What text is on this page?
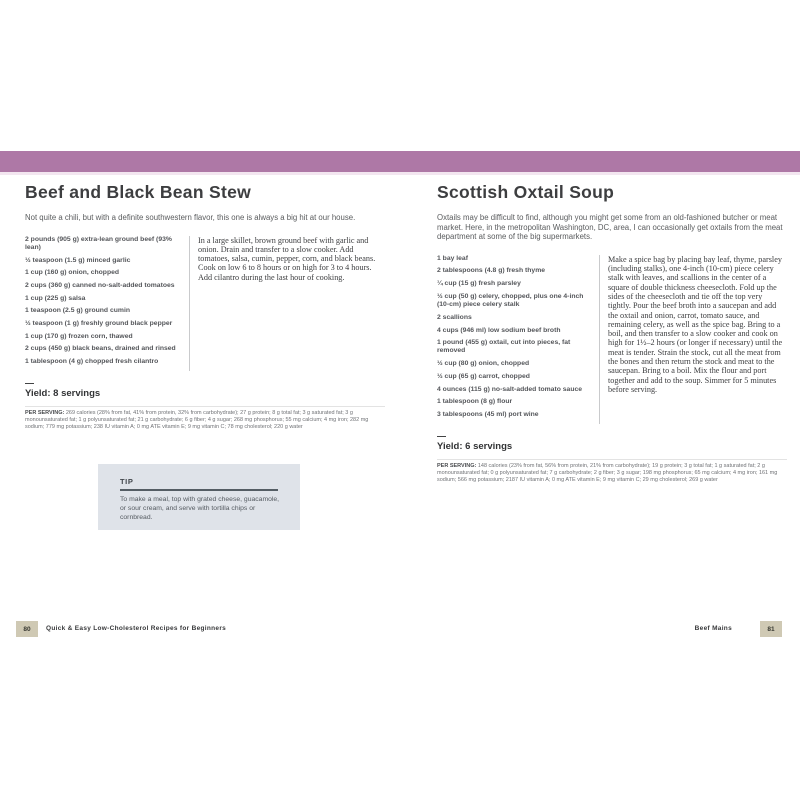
Beef and Black Bean Stew

Not quite a chili, but with a definite southwestern flavor, this one is always a big hit at our house.

2 pounds (905 g) extra-lean ground beef (93% lean)

½ teaspoon (1.5 g) minced garlic

1 cup (160 g) onion, chopped

2 cups (360 g) canned no-salt-added tomatoes

1 cup (225 g) salsa

1 teaspoon (2.5 g) ground cumin

½ teaspoon (1 g) freshly ground black pepper

1 cup (170 g) frozen corn, thawed

2 cups (450 g) black beans, drained and rinsed

1 tablespoon (4 g) chopped fresh cilantro

In a large skillet, brown ground beef with garlic and onion. Drain and transfer to a slow cooker. Add tomatoes, salsa, cumin, pepper, corn, and black beans. Cook on low 6 to 8 hours or on high for 3 to 4 hours. Add cilantro during the last hour of cooking.

—

Yield: 8 servings

PER SERVING: 269 calories (28% from fat, 41% from protein, 32% from carbohydrate); 27 g protein; 8 g total fat; 3 g saturated fat; 3 g monounsaturated fat; 1 g polyunsaturated fat; 21 g carbohydrate; 6 g fiber; 4 g sugar; 268 mg phosphorus; 55 mg calcium; 4 mg iron; 282 mg sodium; 779 mg potassium; 238 IU vitamin A; 0 mg ATE vitamin E; 9 mg vitamin C; 78 mg cholesterol; 220 g water

TIP

To make a meal, top with grated cheese, guacamole, or sour cream, and serve with tortilla chips or cornbread.

Scottish Oxtail Soup

Oxtails may be difficult to find, although you might get some from an old-fashioned butcher or meat market. Here, in the metropolitan Washington, DC, area, I can occasionally get oxtails from the meat department at some of the big supermarkets.

1 bay leaf

2 tablespoons (4.8 g) fresh thyme

¼ cup (15 g) fresh parsley

½ cup (50 g) celery, chopped, plus one 4-inch (10-cm) piece celery stalk

2 scallions

4 cups (946 ml) low sodium beef broth

1 pound (455 g) oxtail, cut into pieces, fat removed

½ cup (80 g) onion, chopped

½ cup (65 g) carrot, chopped

4 ounces (115 g) no-salt-added tomato sauce

1 tablespoon (8 g) flour

3 tablespoons (45 ml) port wine

Make a spice bag by placing bay leaf, thyme, parsley (including stalks), one 4-inch (10-cm) piece celery stalk with leaves, and scallions in the center of a square of double thickness cheesecloth. Fold up the sides of the cheesecloth and tie off the top very tightly. Pour the beef broth into a saucepan and add the oxtail and onion, carrot, tomato sauce, and remaining celery, as well as the spice bag. Bring to a boil, and then transfer to a slow cooker and cook on high for 1½–2 hours (or longer if necessary) until the meat is tender. Strain the stock, cut all the meat from the bones and then return the stock and meat to the saucepan. Bring to a boil. Mix the flour and port together and add to the soup. Simmer for 5 minutes before serving.

—

Yield: 6 servings

PER SERVING: 148 calories (23% from fat, 56% from protein, 21% from carbohydrate); 19 g protein; 3 g total fat; 1 g saturated fat; 2 g monounsaturated fat; 0 g polyunsaturated fat; 7 g carbohydrate; 2 g fiber; 3 g sugar; 198 mg phosphorus; 65 mg calcium; 4 mg iron; 161 mg sodium; 566 mg potassium; 2187 IU vitamin A; 0 mg ATE vitamin E; 9 mg vitamin C; 29 mg cholesterol; 269 g water

80	Quick & Easy Low-Cholesterol Recipes for Beginners	Beef Mains	81
